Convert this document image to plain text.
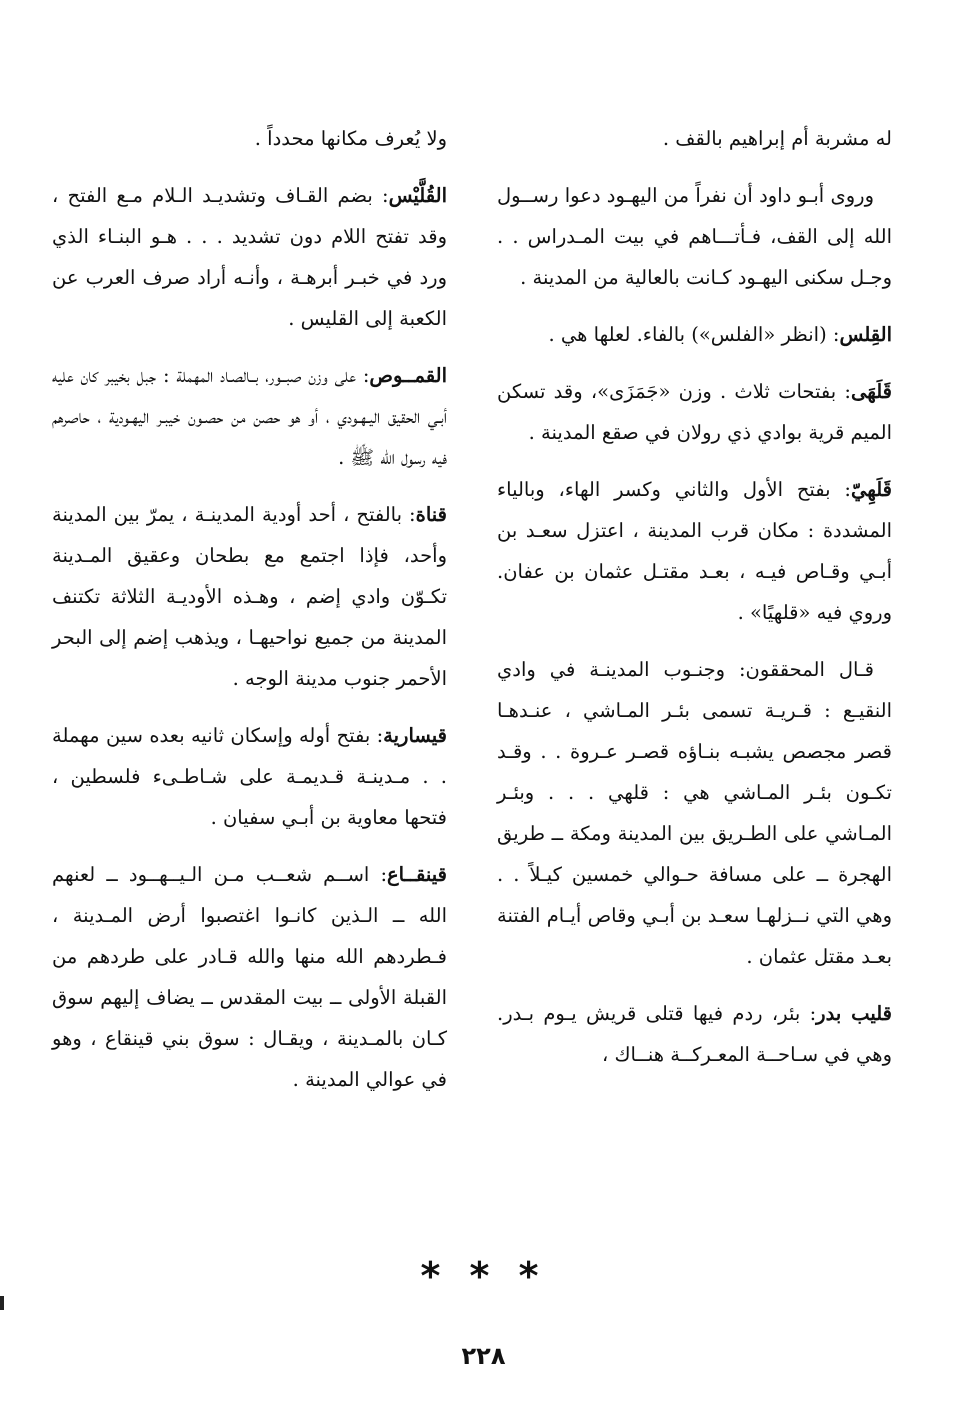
له مشربة أم إبراهيم بالقف .
وروى أبـو داود أن نفراً من اليهـود دعوا رســول الله إلى القف، فـأتـــاهم في بيت المـدراس . . وجـل سكنى اليهـود كـانت بالعالية من المدينة .
القِلس: (انظر «الفلس») بالفاء. لعلها هي .
قَلَهَى: بفتحات ثلاث . وزن «جَمَزَى»، وقد تسكن الميم قرية بوادي ذي رولان في صقع المدينة .
قَلَهِيّ: بفتح الأول والثاني وكسر الهاء، وبالياء المشددة : مكان قرب المدينة ، اعتزل سعـد بن أبـي وقـاص فيـه ، بعـد مقتـل عثمان بن عفان. وروي فيه «قلهيًا» .
قـال المحققون: وجنـوب المدينـة في وادي النقيـع : قـريـة تسمى بئـر المـاشي ، عنـدهـا قصر مجصص يشبـه بنـاؤه قصـر عـروة . . وقـد تكـون بئـر المـاشي هي : قلهي . . . وبئـر المـاشي على الطـريق بين المدينة ومكة ــ طريق الهجرة ــ على مسافة حـوالي خمسين كيـلاً . . وهي التي نــزلهـا سعـد بن أبـي وقاص أيـام الفتنة بعـد مقتل عثمان .
قليب بدر: بئر، ردم فيها قتلى قريش يـوم بـدر. وهي في سـاحــة المعـركــة هنــاك ،
ولا يُعرف مكانها محدداً .
القُلَّيْس: بضم القـاف وتشديـد الـلام مـع الفتح ، وقد تفتح اللام دون تشديد . . . هـو البنـاء الذي ورد في خبـر أبرهـة ، وأنـه أراد صرف العرب عن الكعبة إلى القليس .
القمــوص: على وزن صبــور، بــالصـاد المهملة : جبل بخيبر كان عليه أبـي الحقيق اليـهـودي ، أو هو حصن من حصـون خيبـر اليهـودية ، حاصرهم فيه رسول الله ﷺ .
قناة: بالفتح ، أحد أودية المدينـة ، يمرّ بين المدينة وأحد، فإذا اجتمع مع بطحان وعقيق المـدينة تكـوّن وادي إضم ، وهـذه الأوديـة الثلاثة تكتنف المدينة من جميع نواحيهـا ، ويذهب إضم إلى البحر الأحمر جنوب مدينة الوجه .
قيسارية: بفتح أوله وإسكان ثانيه بعده سين مهملة . . مـدينـة قـديمـة على شـاطـىء فلسطين ، فتحها معاوية بن أبـي سفيان .
قينقــاع: اســم شعــب مـن الـيــهــود ــ لعنهم الله ــ الـذين كانـوا اغتصبوا أرض المـدينة ، فـطردهم الله منها والله قـادر على طردهم من القبلة الأولى ــ بيت المقدس ــ يضاف إليهم سوق كـان بالمـدينة ، ويقـال : سوق بني قينقاع ، وهو في عوالي المدينة .
* * *
٢٢٨
